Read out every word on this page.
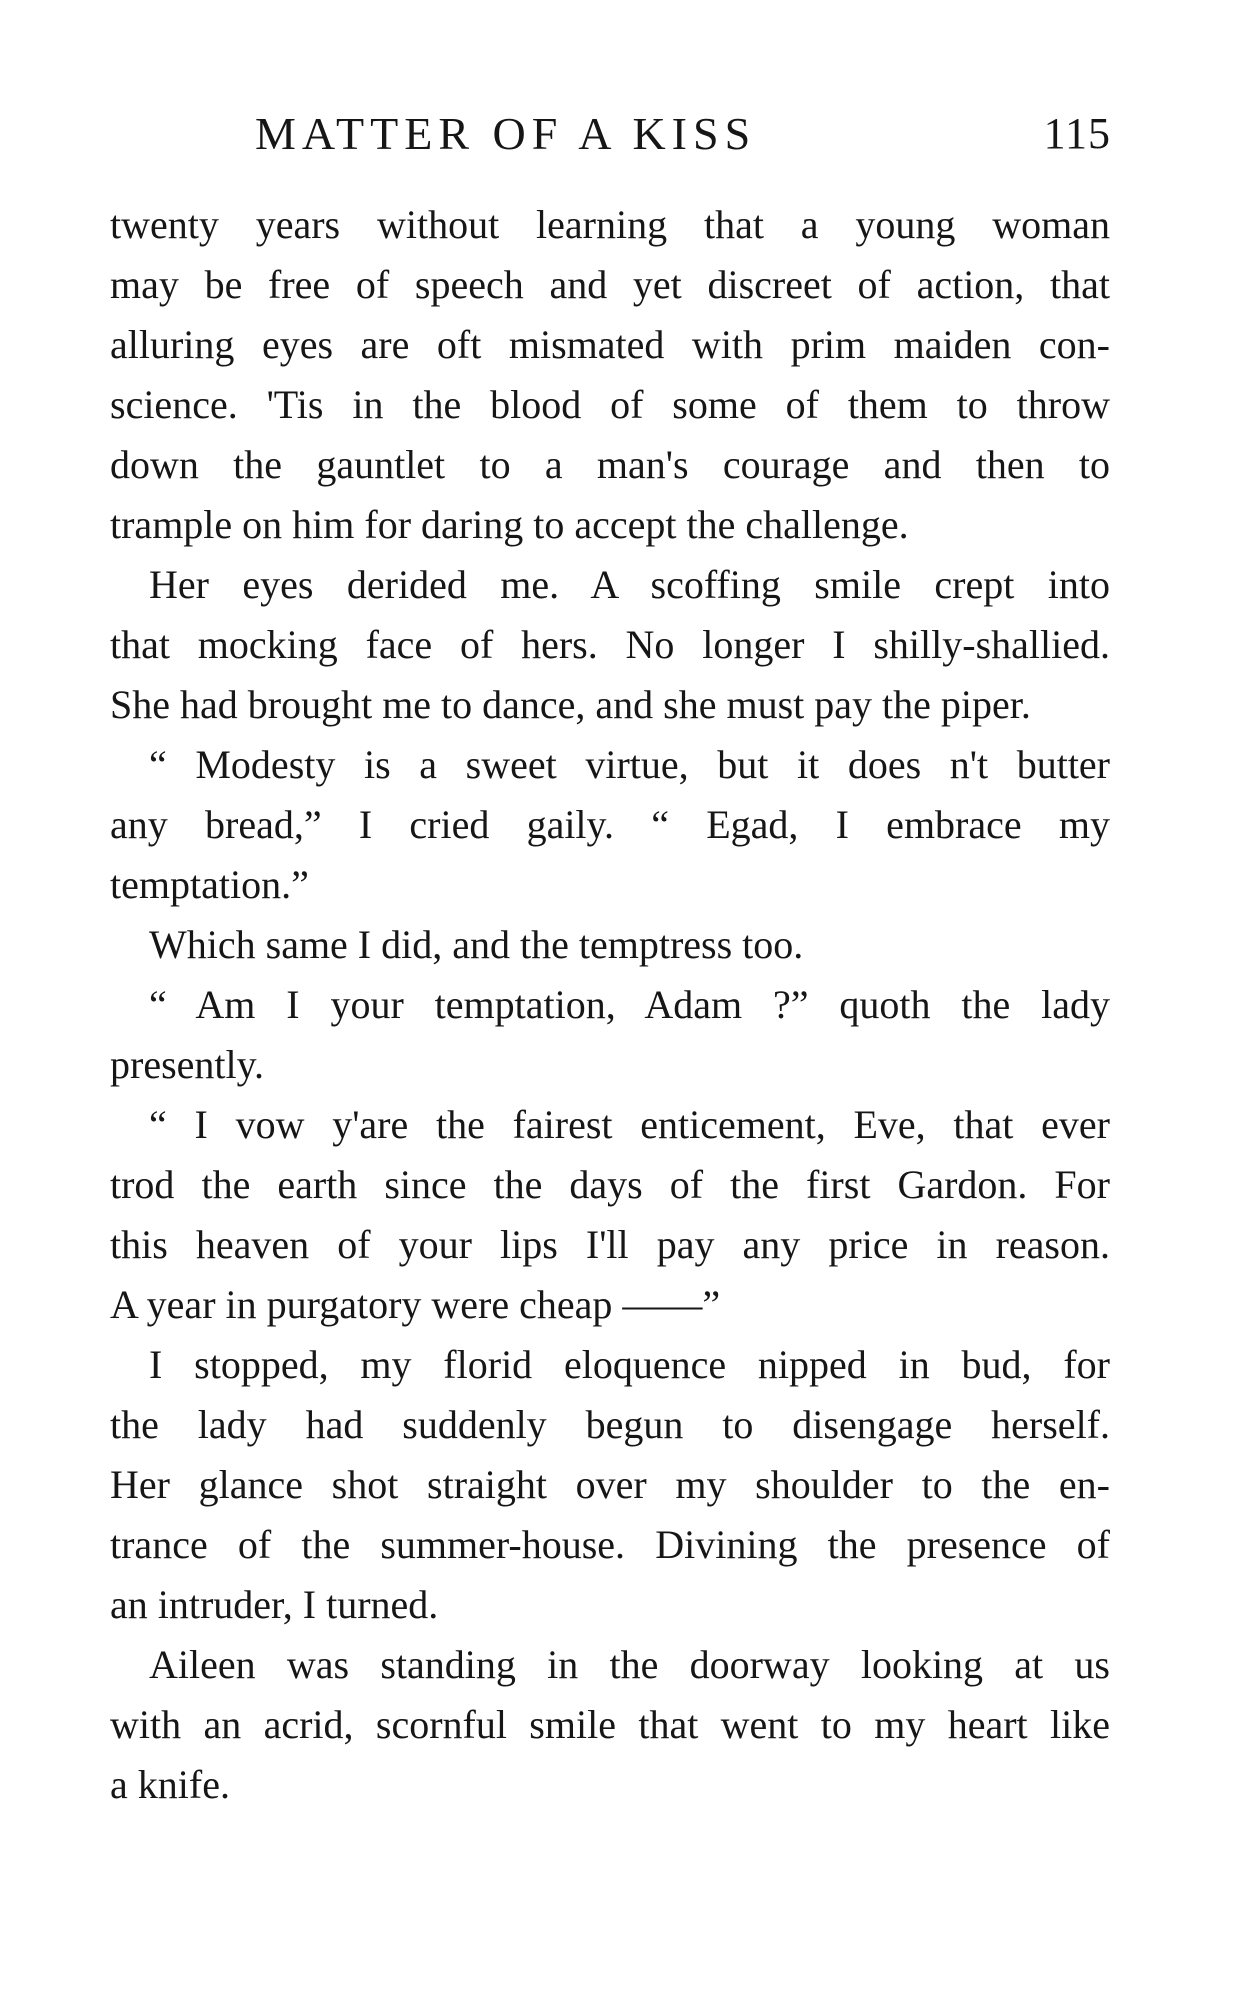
MATTER OF A KISS	115
twenty years without learning that a young woman
may be free of speech and yet discreet of action, that
alluring eyes are oft mismated with prim maiden con-
science. 'Tis in the blood of some of them to throw
down the gauntlet to a man's courage and then to
trample on him for daring to accept the challenge.
Her eyes derided me. A scoffing smile crept into
that mocking face of hers. No longer I shilly-shallied.
She had brought me to dance, and she must pay the piper.
“ Modesty is a sweet virtue, but it does n't butter
any bread,” I cried gaily. “ Egad, I embrace my
temptation.”
Which same I did, and the temptress too.
“ Am I your temptation, Adam ?” quoth the lady
presently.
“ I vow y'are the fairest enticement, Eve, that ever
trod the earth since the days of the first Gardon. For
this heaven of your lips I'll pay any price in reason.
A year in purgatory were cheap ——”
I stopped, my florid eloquence nipped in bud, for
the lady had suddenly begun to disengage herself.
Her glance shot straight over my shoulder to the en-
trance of the summer-house. Divining the presence of
an intruder, I turned.
Aileen was standing in the doorway looking at us
with an acrid, scornful smile that went to my heart like
a knife.
